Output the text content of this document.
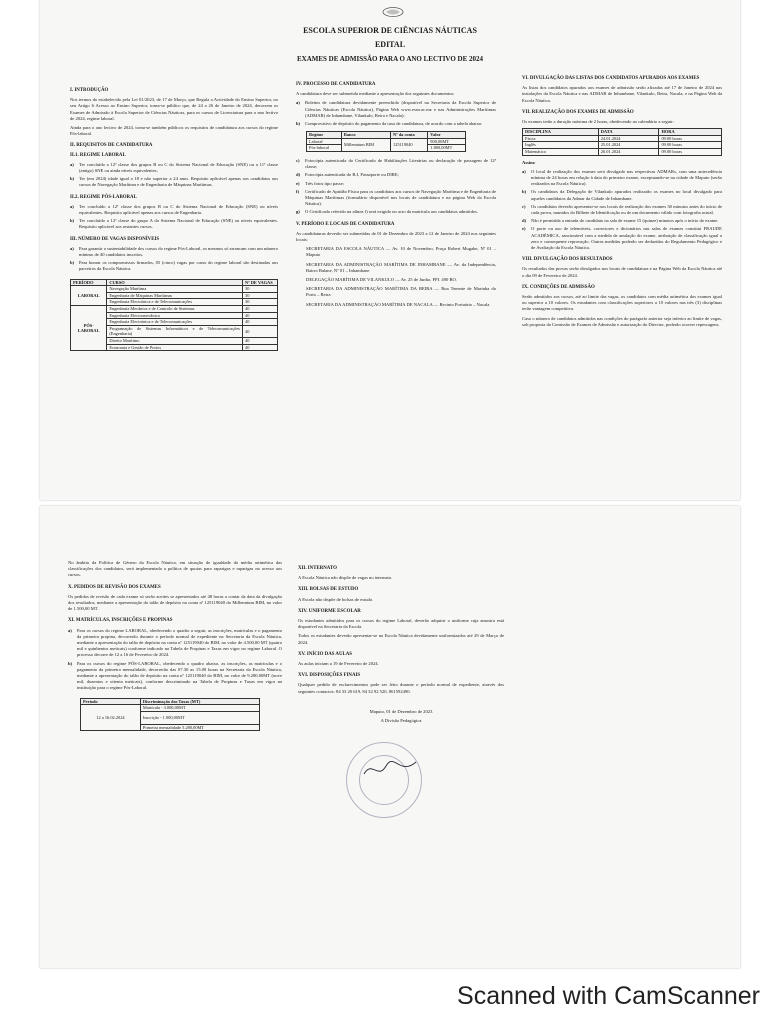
ESCOLA SUPERIOR DE CIÊNCIAS NÁUTICAS
EDITAL
EXAMES DE ADMISSÃO PARA O ANO LECTIVO DE 2024
I. INTRODUÇÃO

Nos termos do estabelecido pela Lei 01/2023, de 17 de Março, que Regula a Actividade do Ensino Superior, no seu Artigo 6 Acesso ao Ensino Superior, torna-se público que, de 24 a 26 de Janeiro de 2024, decorrem os Exames de Admissão à Escola Superior de Ciências Náuticas, para os cursos de Licenciatura para o ano lectivo de 2024, regime laboral.

Ainda para o ano lectivo de 2024, torna-se também públicos os requisitos de candidatura aos cursos do regime Pós-laboral.

II. REQUISITOS DE CANDIDATURA
II.1. REGIME LABORAL
a)	Ter concluído a 12ª classe dos grupos B ou C do Sistema Nacional de Educação (SNE) ou a 11ª classe (antigo) SNE ou ainda níveis equivalentes;
b)	Ter (em 2024) idade igual a 18 e não superior a 24 anos. Requisito aplicável apenas aos candidatos aos cursos de Navegação Marítima e de Engenharia de Máquinas Marítimas.
II.2. REGIME PÓS-LABORAL
a)	Ter concluído a 12ª classe dos grupos B ou C do Sistema Nacional de Educação (SNE) ou níveis equivalentes. Requisito aplicável apenas aos cursos de Engenharia.
b)	Ter concluído a 12ª classe do grupo A do Sistema Nacional de Educação (SNE) ou níveis equivalentes. Requisito aplicável aos restantes cursos.
III. NÚMERO DE VAGAS DISPONÍVEIS
a)	Para garantir a sustentabilidade dos cursos do regime Pós-Laboral, os mesmos só arrancam com um número mínimo de 40 candidatos inscritos.
b)	Para honrar os compromissos firmados, 05 (cinco) vagas por curso do regime laboral são destinadas aos parceiros da Escola Náutica.
PERÍODO	CURSO	Nº DE VAGAS
LABORAL	Navegação Marítima	30
	Engenharia de Máquinas Marítimas	30
	Engenharia Electrónica e de Telecomunicações	30
PÓS-LABORAL	Engenharia Mecânica e de Controlo de Sistemas	40
	Engenharia Electromecânica	40
	Engenharia Electrónica e de Telecomunicações	40
	Programação de Sistemas Informáticos e de Telecomunicações (Engenharia)	40
	Direito Marítimo	40
	Economia e Gestão de Portos	40
IV. PROCESSO DE CANDIDATURA

A candidatura deve ser submetida mediante a apresentação dos seguintes documentos:

a)	Boletim de candidatura devidamente preenchido (disponível na Secretaria da Escola Superior de Ciências Náuticas (Escola Náutica), Página Web www.essn.ac.mz e nas Administrações Marítimas (ADMAR) de Inhambane, Vilankulo, Beira e Nacala);
b)	Comprovativo de depósito do pagamento da taxa de candidatura, de acordo com a tabela abaixo:
Regime	Banco	Nº da conta	Valor
Laboral	Millennium BIM	125119040	900,00MT
Pós-laboral			1.800,00MT
c)	Fotocópia autenticada do Certificado de Habilitações Literárias ou declaração de passagem de 12ª classe;
d)	Fotocópia autenticada do B.I, Passaporte ou DIRE;
e)	Três fotos tipo passe;
f)	Certificado de Aptidão Física para os candidatos aos cursos de Navegação Marítima e de Engenharia de Máquinas Marítimas (formulário disponível nos locais de candidatura e na página Web da Escola Náutica).
g)	O Certificado referido na alínea f) será exigido no acto da matrícula aos candidatos admitidos.
V. PERÍODO E LOCAIS DE CANDIDATURA

As candidaturas deverão ser submetidas de 01 de Dezembro de 2023 a 12 de Janeiro de 2024 nos seguintes locais:

SECRETARIA DA ESCOLA NÁUTICA — Av. 10 de Novembro, Praça Robert Mugabe, Nº 01 – Maputo

SECRETARIA DA ADMINISTRAÇÃO MARÍTIMA DE INHAMBANE — Av. da Independência, Bairro Balane, Nº 01 – Inhambane

DELEGAÇÃO MARÍTIMA DE VILANKULO — Av. 25 de Junho, FPI. 490 RO.

SECRETARIA DA ADMINISTRAÇÃO MARÍTIMA DA BEIRA — Rua Tenente de Marinha do Porto – Beira

SECRETARIA DA ADMINISTRAÇÃO MARÍTIMA DE NACALA — Recinto Portuário – Nacala

VI. DIVULGAÇÃO DAS LISTAS DOS CANDIDATOS APURADOS AOS EXAMES

As listas dos candidatos apurados aos exames de admissão serão afixadas até 17 de Janeiro de 2024 nas instalações da Escola Náutica e nas ADMAR de Inhambane, Vilankulo, Beira, Nacala, e na Página Web da Escola Náutica.

VII. REALIZAÇÃO DOS EXAMES DE ADMISSÃO

Os exames terão a duração máxima de 2 horas, obedecendo ao calendário a seguir:

DISCIPLINA	DATA	HORA
Física	24.01.2024	09.00 horas
Inglês	25.01.2024	09.00 horas
Matemática	26.01.2024	09.00 horas

Assim:

a)	O local de realização dos exames será divulgado nas respectivas ADMARs, com uma antecedência mínima de 24 horas em relação à data do primeiro exame, exceptuando-se na cidade de Maputo (serão realizados na Escola Náutica).
b)	Os candidatos da Delegação de Vilankulo apurados realizarão os exames no local divulgado para aqueles candidatos da Admar da Cidade de Inhambane.
c)	Os candidatos deverão apresentar-se nos locais de realização dos exames 30 minutos antes do início de cada prova, munidos do Bilhete de Identificação ou de um documento válido com fotografia actual.
d)	Não é permitida a entrada do candidato na sala de exame 15 (quinze) minutos após o início do exame.
e)	O porte ou uso de telemóveis, correctores e dicionários nas salas de exames constitui FRAUDE ACADÉMICA, sancionável com a medida de anulação do exame, atribuição de classificação igual a zero e consequente reprovação. Outras medidas poderão ser deduzidas do Regulamento Pedagógico e de Avaliação da Escola Náutica.
VIII. DIVULGAÇÃO DOS RESULTADOS

Os resultados das provas serão divulgados nos locais de candidatura e na Página Web da Escola Náutica até o dia 09 de Fevereiro de 2024.

IX. CONDIÇÕES DE ADMISSÃO

Serão admitidos aos cursos, até ao limite das vagas, os candidatos com média aritmética dos exames igual ou superior a 10 valores. Os estudantes com classificações superiores a 10 valores nas três (3) disciplinas terão vantagem competitiva.

Caso o número de candidatos admitidos nas condições do parágrafo anterior seja inferior ao limite de vagas, sob proposta da Comissão de Exames de Admissão e autorização do Director, poderão ocorrer repescagens.

No âmbito da Política de Género da Escola Náutica, em situação de igualdade da média aritmética das classificações dos candidatos, será implementada a política de quotas para raparigas e raparigas no acesso aos cursos.

X. PEDIDOS DE REVISÃO DOS EXAMES

Os pedidos de revisão de cada exame só serão aceites se apresentados até 48 horas a contar da data da divulgação dos resultados, mediante a apresentação do talão de depósito na conta nº 125119040 do Millennium BIM, no valor de 1.500,00 MT.

XI. MATRÍCULAS, INSCRIÇÕES E PROPINAS
a)	Para os cursos do regime LABORAL, obedecendo o quadro a seguir, as inscrições, matrículas e o pagamento da primeira propina, decorrerão durante o período normal de expediente na Secretaria da Escola Náutica, mediante a apresentação do talão de depósito na conta nº 125119040 do BIM, no valor de 4.500,00 MT (quatro mil e quinhentos meticais) conforme indicado na Tabela de Propinas e Taxas em vigor no regime Laboral. O processo decorre de 12 a 16 de Fevereiro de 2024.
b)	Para os cursos do regime PÓS-LABORAL, obedecendo o quadro abaixo, as inscrições, as matrículas e o pagamento da primeira mensalidade, decorrerão das 07.30 as 15.00 horas na Secretaria da Escola Náutica, mediante a apresentação do talão de depósito na conta nº 125119040 do BIM, no valor de 9.280,00MT (nove mil, duzentos e oitenta meticais), conforme descriminado na Tabela de Propinas e Taxas em vigor na instituição para o regime Pós-Laboral.
Período	Discriminação das Taxas (MT)
12 a 16.02.2024	Matrícula - 3.000,00MT
	Inscrição - 1.000,00MT
	Primeira mensalidade 5.280,00MT
XII. INTERNATO

A Escola Náutica não dispõe de vagas no internato.

XIII. BOLSAS DE ESTUDO

A Escola não dispõe de bolsas de estudo.

XIV. UNIFORME ESCOLAR

Os estudantes admitidos para os cursos do regime Laboral, deverão adquirir o uniforme cuja amostra está disponível na Secretaria da Escola.

Todos os estudantes deverão apresentar-se na Escola Náutica devidamente uniformizados até 29 de Março de 2024.

XV. INÍCIO DAS AULAS

As aulas iniciam a 19 de Fevereiro de 2024.

XVI. DISPOSIÇÕES FINAIS

Qualquer pedido de esclarecimentos pode ser feito durante o período normal de expediente, através dos seguintes contactos: 84 33 20 619, 84 32 92 520, 861592490.

Maputo, 01 de Dezembro de 2023

A Divisão Pedagógica

Scanned with CamScanner
